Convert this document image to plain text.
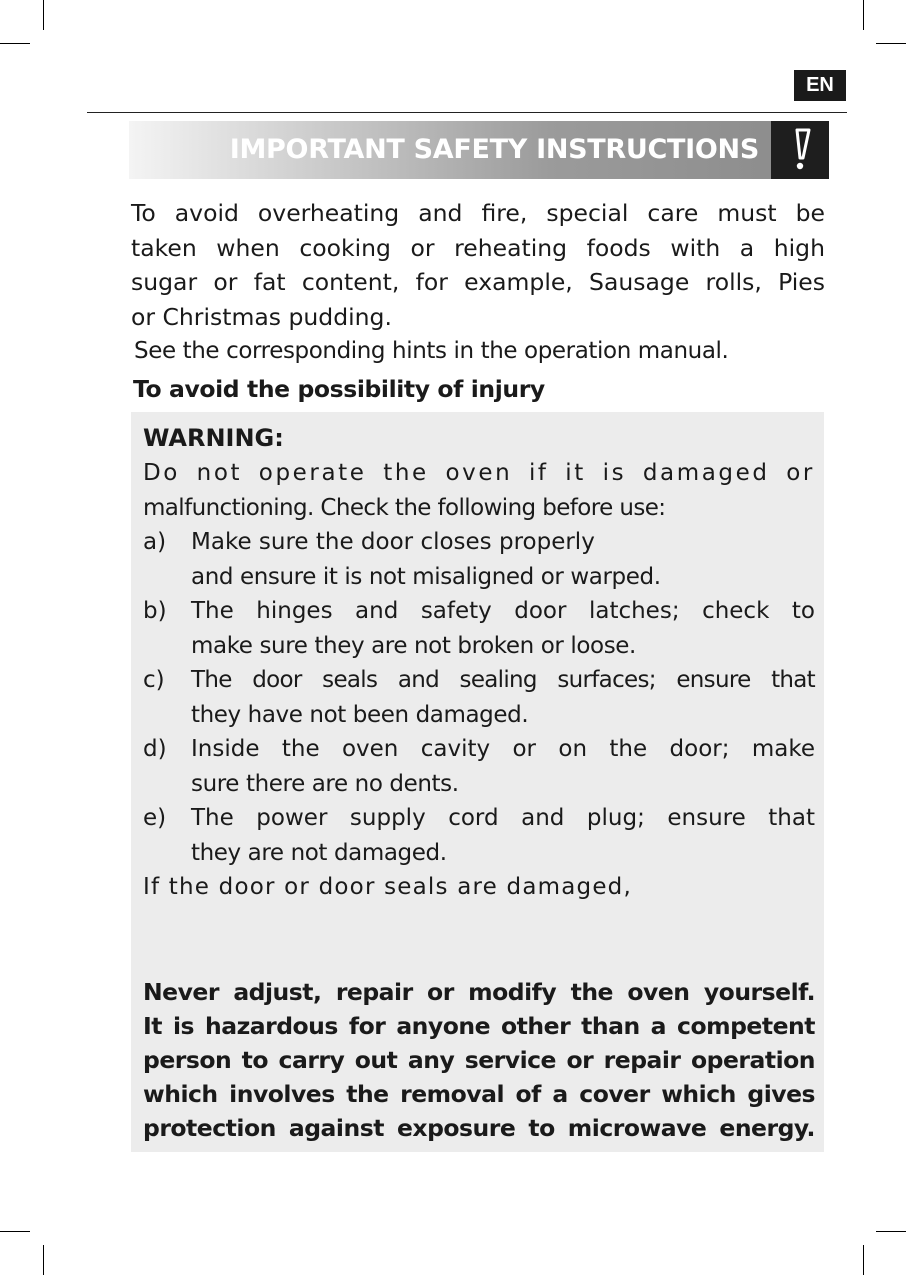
EN
IMPORTANT SAFETY INSTRUCTIONS
To avoid overheating and fire, special care must be
taken when cooking or reheating foods with a high
sugar or fat content, for example, Sausage rolls, Pies
or Christmas pudding.
See the corresponding hints in the operation manual.
To avoid the possibility of injury
WARNING:
Do not operate the oven if it is damaged or
malfunctioning. Check the following before use:
a)	Make sure the door closes properly
and ensure it is not misaligned or warped.
b)	The hinges and safety door latches; check to
make sure they are not broken or loose.
c)	The door seals and sealing surfaces; ensure that
they have not been damaged.
d)	Inside the oven cavity or on the door; make
sure there are no dents.
e)	The power supply cord and plug; ensure that
they are not damaged.
If the door or door seals are damaged,
Never adjust, repair or modify the oven yourself.
It is hazardous for anyone other than a competent
person to carry out any service or repair operation
which involves the removal of a cover which gives
protection against exposure to microwave energy.
